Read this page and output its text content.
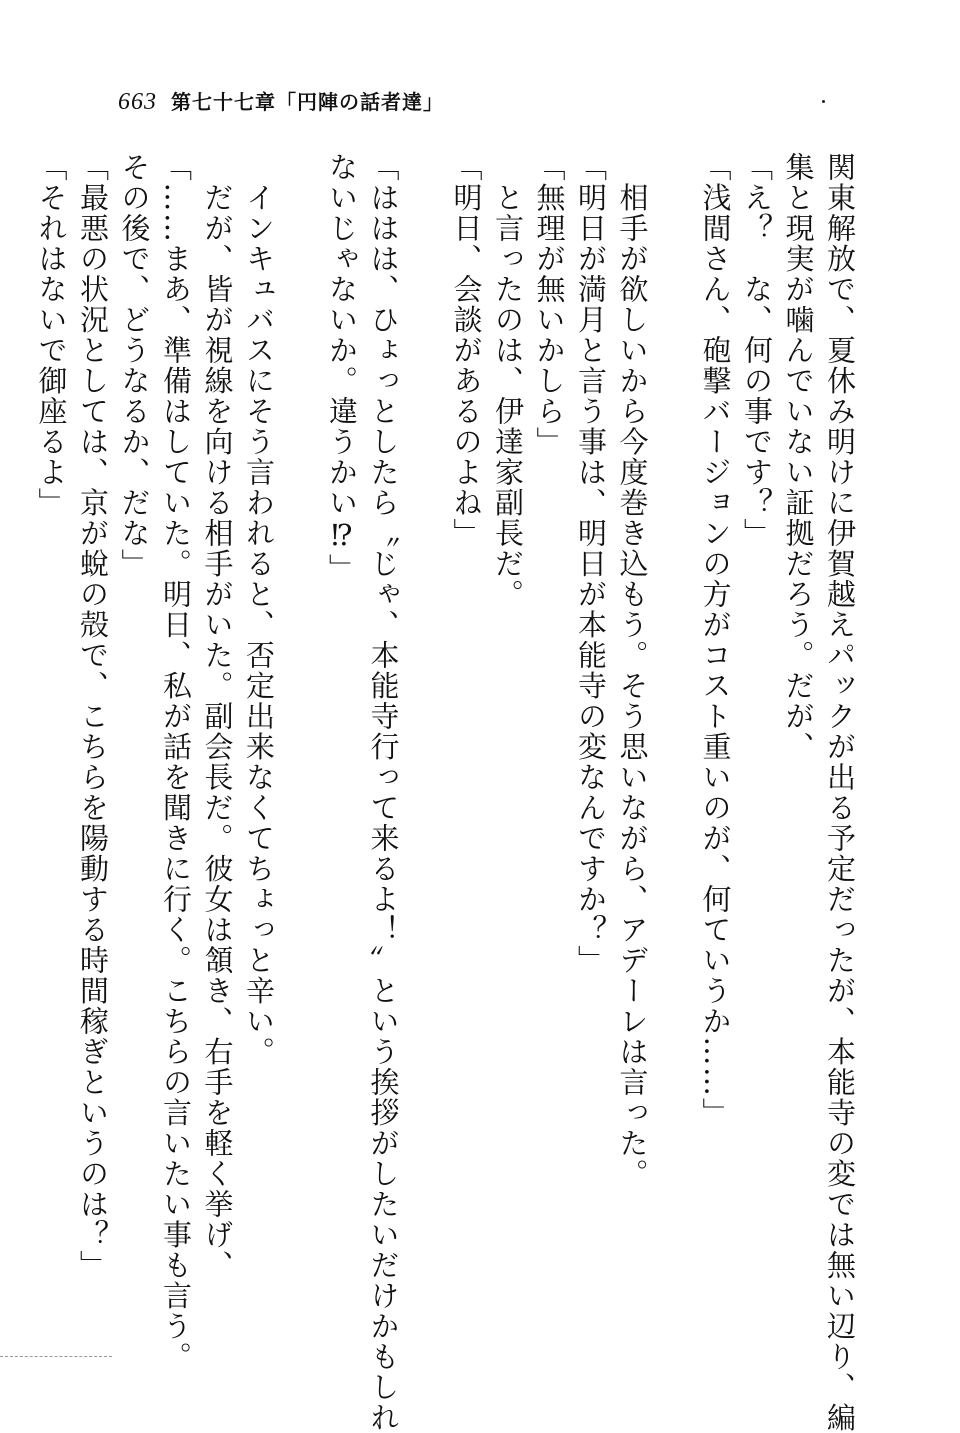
663 第七十七章「円陣の話者達」
関東解放で、夏休み明けに伊賀越えパックが出る予定だったが、本能寺の変では無い辺り、編
集と現実が噛んでいない証拠だろう。だが、
「え？　な、何の事です？」
「浅間さん、砲撃バージョンの方がコスト重いのが、何ていうか……」
　相手が欲しいから今度巻き込もう。そう思いながら、アデーレは言った。
「明日が満月と言う事は、明日が本能寺の変なんですか？」
「無理が無いかしら」
　と言ったのは、伊達家副長だ。
「明日、会談があるのよね」
「ははは、ひょっとしたら〝じゃ、本能寺行って来るよ！〟という挨拶がしたいだけかもしれ
ないじゃないか。違うかい⁉」
　インキュバスにそう言われると、否定出来なくてちょっと辛い。
　だが、皆が視線を向ける相手がいた。副会長だ。彼女は頷き、右手を軽く挙げ、
「……まあ、準備はしていた。明日、私が話を聞きに行く。こちらの言いたい事も言う。
その後で、どうなるか、だな」
「最悪の状況としては、京が蛻の殻で、こちらを陽動する時間稼ぎというのは？」
「それはないで御座るよ」
